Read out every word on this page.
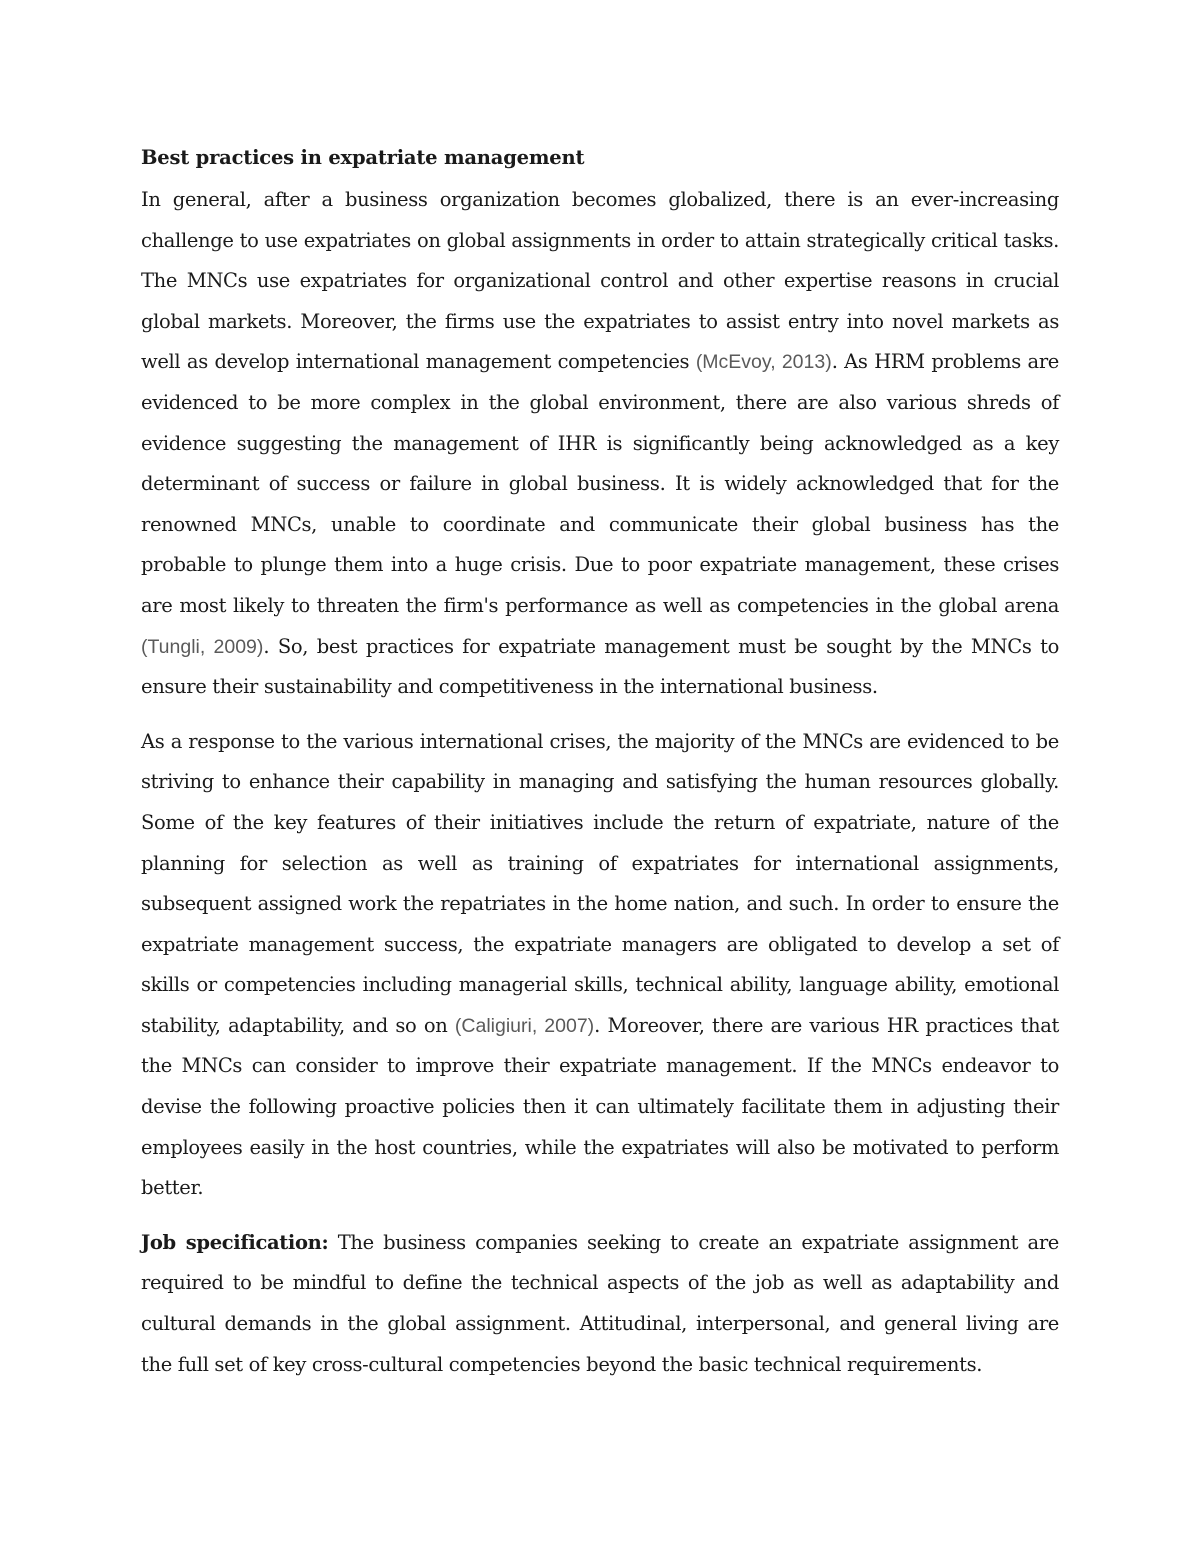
Best practices in expatriate management

In general, after a business organization becomes globalized, there is an ever-increasing challenge to use expatriates on global assignments in order to attain strategically critical tasks. The MNCs use expatriates for organizational control and other expertise reasons in crucial global markets. Moreover, the firms use the expatriates to assist entry into novel markets as well as develop international management competencies (McEvoy, 2013). As HRM problems are evidenced to be more complex in the global environment, there are also various shreds of evidence suggesting the management of IHR is significantly being acknowledged as a key determinant of success or failure in global business. It is widely acknowledged that for the renowned MNCs, unable to coordinate and communicate their global business has the probable to plunge them into a huge crisis. Due to poor expatriate management, these crises are most likely to threaten the firm's performance as well as competencies in the global arena (Tungli, 2009). So, best practices for expatriate management must be sought by the MNCs to ensure their sustainability and competitiveness in the international business.

As a response to the various international crises, the majority of the MNCs are evidenced to be striving to enhance their capability in managing and satisfying the human resources globally. Some of the key features of their initiatives include the return of expatriate, nature of the planning for selection as well as training of expatriates for international assignments, subsequent assigned work the repatriates in the home nation, and such. In order to ensure the expatriate management success, the expatriate managers are obligated to develop a set of skills or competencies including managerial skills, technical ability, language ability, emotional stability, adaptability, and so on (Caligiuri, 2007). Moreover, there are various HR practices that the MNCs can consider to improve their expatriate management. If the MNCs endeavor to devise the following proactive policies then it can ultimately facilitate them in adjusting their employees easily in the host countries, while the expatriates will also be motivated to perform better.

Job specification: The business companies seeking to create an expatriate assignment are required to be mindful to define the technical aspects of the job as well as adaptability and cultural demands in the global assignment. Attitudinal, interpersonal, and general living are the full set of key cross-cultural competencies beyond the basic technical requirements.
